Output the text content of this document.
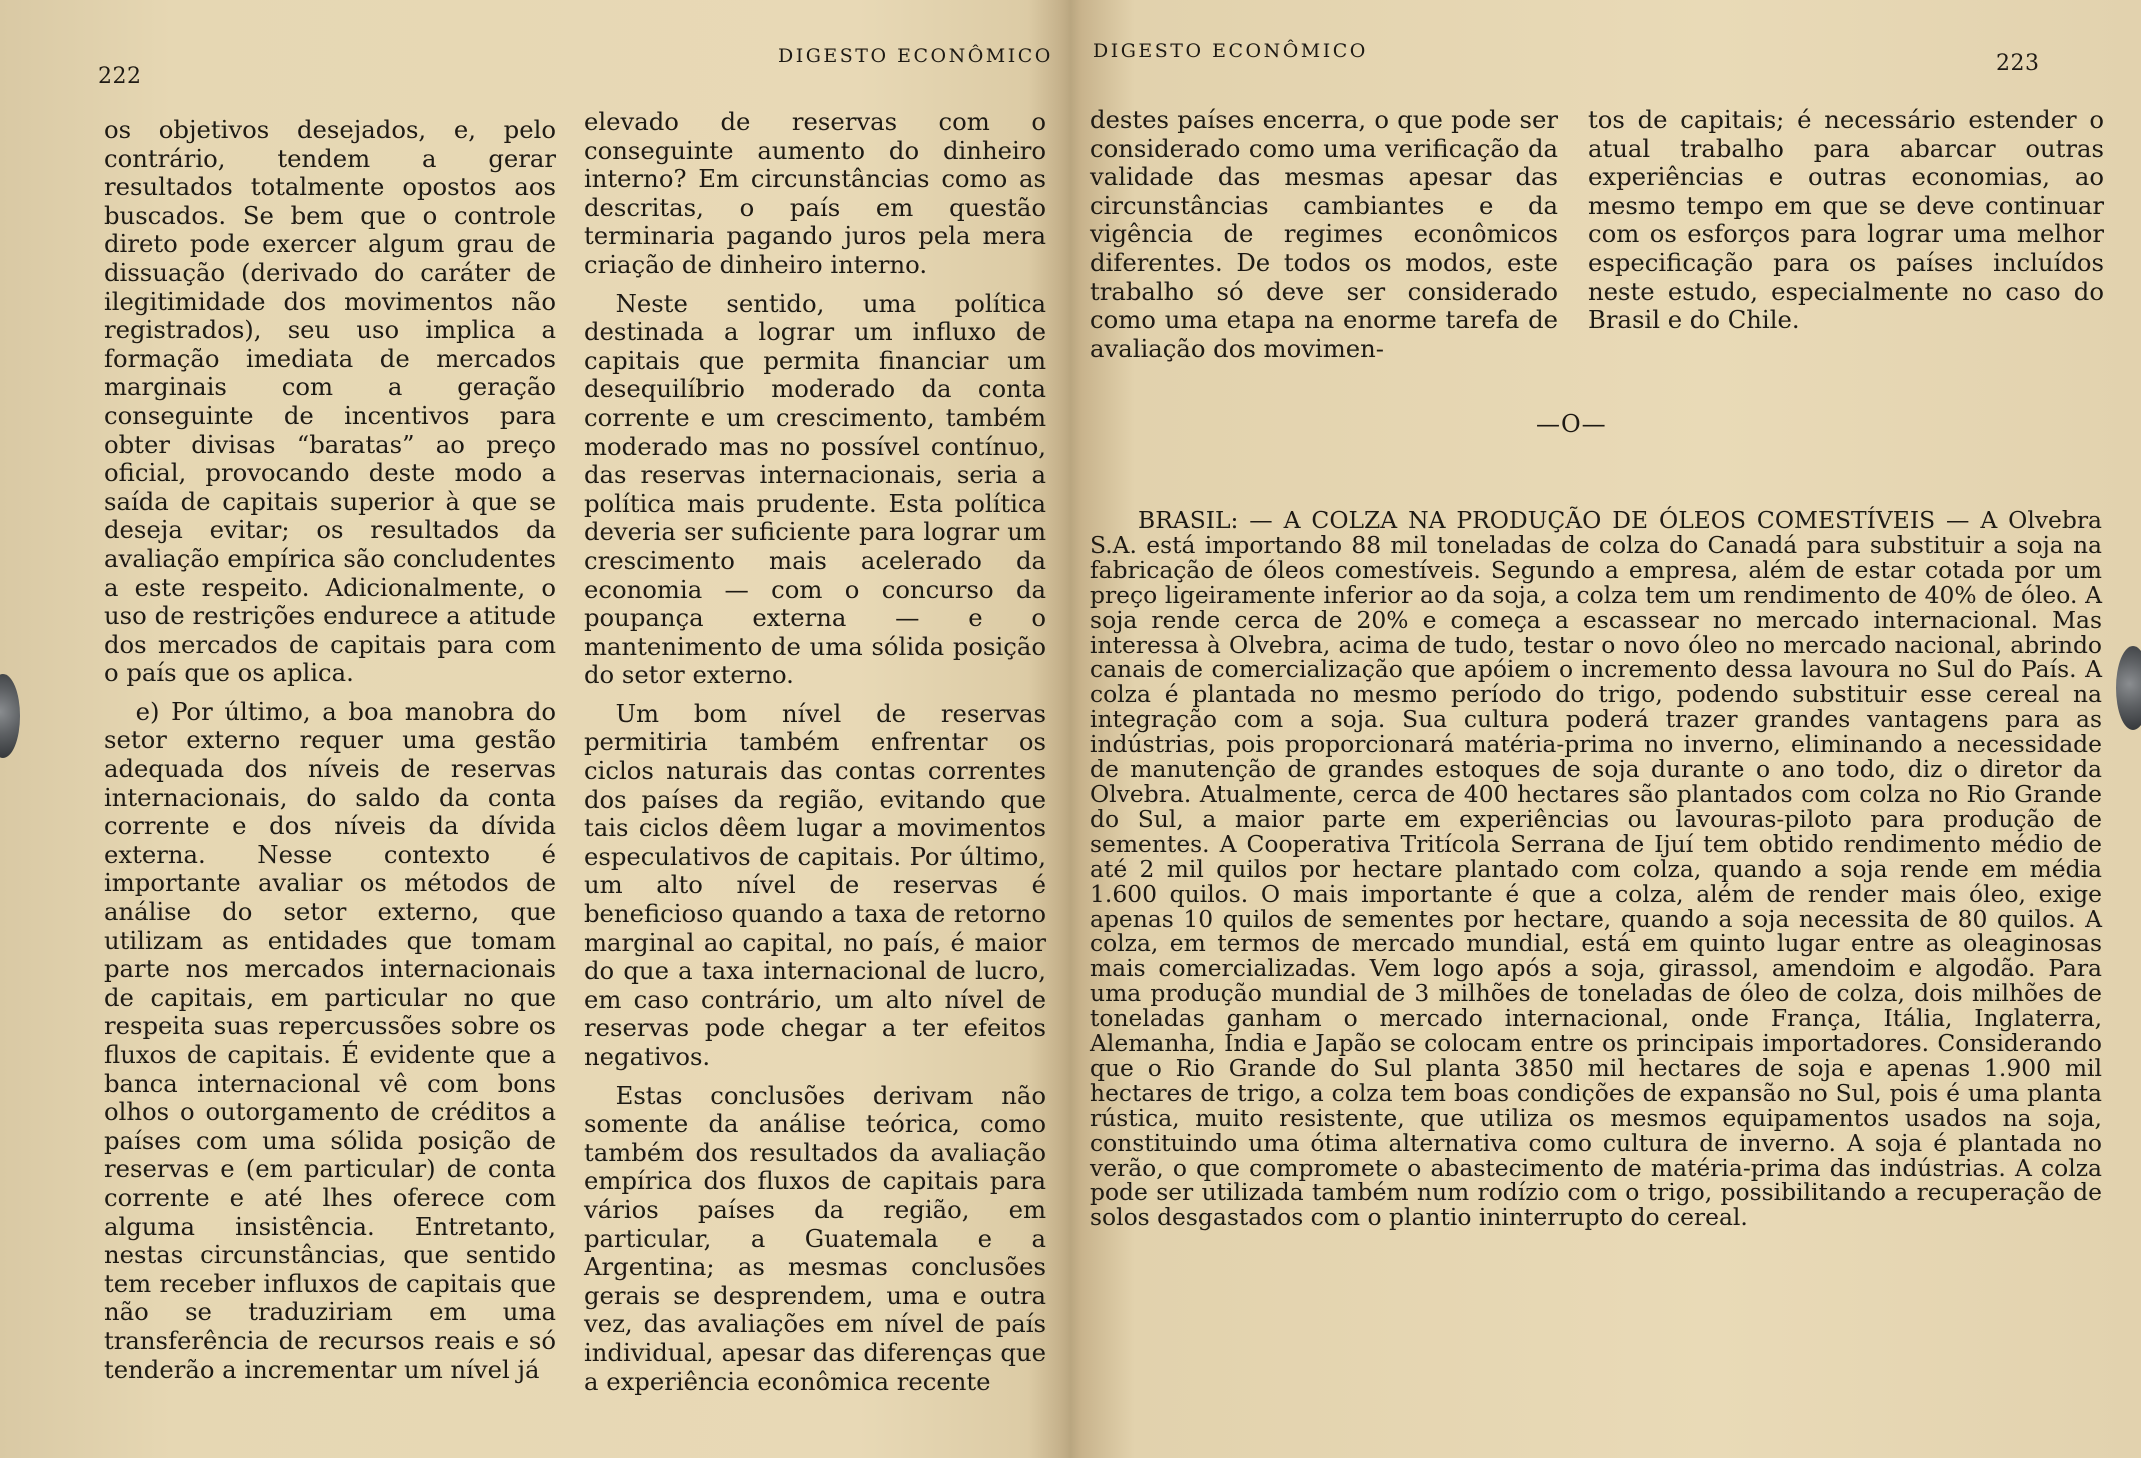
222
DIGESTO ECONÔMICO

os objetivos desejados, e, pelo contrário, tendem a gerar resultados totalmente opostos aos buscados. Se bem que o controle direto pode exercer algum grau de dissuação (derivado do caráter de ilegitimidade dos movimentos não registrados), seu uso implica a formação imediata de mercados marginais com a geração conseguinte de incentivos para obter divisas “baratas” ao preço oficial, provocando deste modo a saída de capitais superior à que se deseja evitar; os resultados da avaliação empírica são concludentes a este respeito. Adicionalmente, o uso de restrições endurece a atitude dos mercados de capitais para com o país que os aplica.

e) Por último, a boa manobra do setor externo requer uma gestão adequada dos níveis de reservas internacionais, do saldo da conta corrente e dos níveis da dívida externa. Nesse contexto é importante avaliar os métodos de análise do setor externo, que utilizam as entidades que tomam parte nos mercados internacionais de capitais, em particular no que respeita suas repercussões sobre os fluxos de capitais. É evidente que a banca internacional vê com bons olhos o outorgamento de créditos a países com uma sólida posição de reservas e (em particular) de conta corrente e até lhes oferece com alguma insistência. Entretanto, nestas circunstâncias, que sentido tem receber influxos de capitais que não se traduziriam em uma transferência de recursos reais e só tenderão a incrementar um nível já

elevado de reservas com o conseguinte aumento do dinheiro interno? Em circunstâncias como as descritas, o país em questão terminaria pagando juros pela mera criação de dinheiro interno.

Neste sentido, uma política destinada a lograr um influxo de capitais que permita financiar um desequilíbrio moderado da conta corrente e um crescimento, também moderado mas no possível contínuo, das reservas internacionais, seria a política mais prudente. Esta política deveria ser suficiente para lograr um crescimento mais acelerado da economia — com o concurso da poupança externa — e o mantenimento de uma sólida posição do setor externo.

Um bom nível de reservas permitiria também enfrentar os ciclos naturais das contas correntes dos países da região, evitando que tais ciclos dêem lugar a movimentos especulativos de capitais. Por último, um alto nível de reservas é beneficioso quando a taxa de retorno marginal ao capital, no país, é maior do que a taxa internacional de lucro, em caso contrário, um alto nível de reservas pode chegar a ter efeitos negativos.

Estas conclusões derivam não somente da análise teórica, como também dos resultados da avaliação empírica dos fluxos de capitais para vários países da região, em particular, a Guatemala e a Argentina; as mesmas conclusões gerais se desprendem, uma e outra vez, das avaliações em nível de país individual, apesar das diferenças que a experiência econômica recente

DIGESTO ECONÔMICO	223

destes países encerra, o que pode ser considerado como uma verificação da validade das mesmas apesar das circunstâncias cambiantes e da vigência de regimes econômicos diferentes. De todos os modos, este trabalho só deve ser considerado como uma etapa na enorme tarefa de avaliação dos movimen-

tos de capitais; é necessário estender o atual trabalho para abarcar outras experiências e outras economias, ao mesmo tempo em que se deve continuar com os esforços para lograr uma melhor especificação para os países incluídos neste estudo, especialmente no caso do Brasil e do Chile.

—O—
BRASIL: — A COLZA NA PRODUÇÃO DE ÓLEOS COMESTÍVEIS — A Olvebra S.A. está importando 88 mil toneladas de colza do Canadá para substituir a soja na fabricação de óleos comestíveis. Segundo a empresa, além de estar cotada por um preço ligeiramente inferior ao da soja, a colza tem um rendimento de 40% de óleo. A soja rende cerca de 20% e começa a escassear no mercado internacional. Mas interessa à Olvebra, acima de tudo, testar o novo óleo no mercado nacional, abrindo canais de comercialização que apóiem o incremento dessa lavoura no Sul do País. A colza é plantada no mesmo período do trigo, podendo substituir esse cereal na integração com a soja. Sua cultura poderá trazer grandes vantagens para as indústrias, pois proporcionará matéria-prima no inverno, eliminando a necessidade de manutenção de grandes estoques de soja durante o ano todo, diz o diretor da Olvebra. Atualmente, cerca de 400 hectares são plantados com colza no Rio Grande do Sul, a maior parte em experiências ou lavouras-piloto para produção de sementes. A Cooperativa Tritícola Serrana de Ijuí tem obtido rendimento médio de até 2 mil quilos por hectare plantado com colza, quando a soja rende em média 1.600 quilos. O mais importante é que a colza, além de render mais óleo, exige apenas 10 quilos de sementes por hectare, quando a soja necessita de 80 quilos. A colza, em termos de mercado mundial, está em quinto lugar entre as oleaginosas mais comercializadas. Vem logo após a soja, girassol, amendoim e algodão. Para uma produção mundial de 3 milhões de toneladas de óleo de colza, dois milhões de toneladas ganham o mercado internacional, onde França, Itália, Inglaterra, Alemanha, Índia e Japão se colocam entre os principais importadores. Considerando que o Rio Grande do Sul planta 3850 mil hectares de soja e apenas 1.900 mil hectares de trigo, a colza tem boas condições de expansão no Sul, pois é uma planta rústica, muito resistente, que utiliza os mesmos equipamentos usados na soja, constituindo uma ótima alternativa como cultura de inverno. A soja é plantada no verão, o que compromete o abastecimento de matéria-prima das indústrias. A colza pode ser utilizada também num rodízio com o trigo, possibilitando a recuperação de solos desgastados com o plantio ininterrupto do cereal.
